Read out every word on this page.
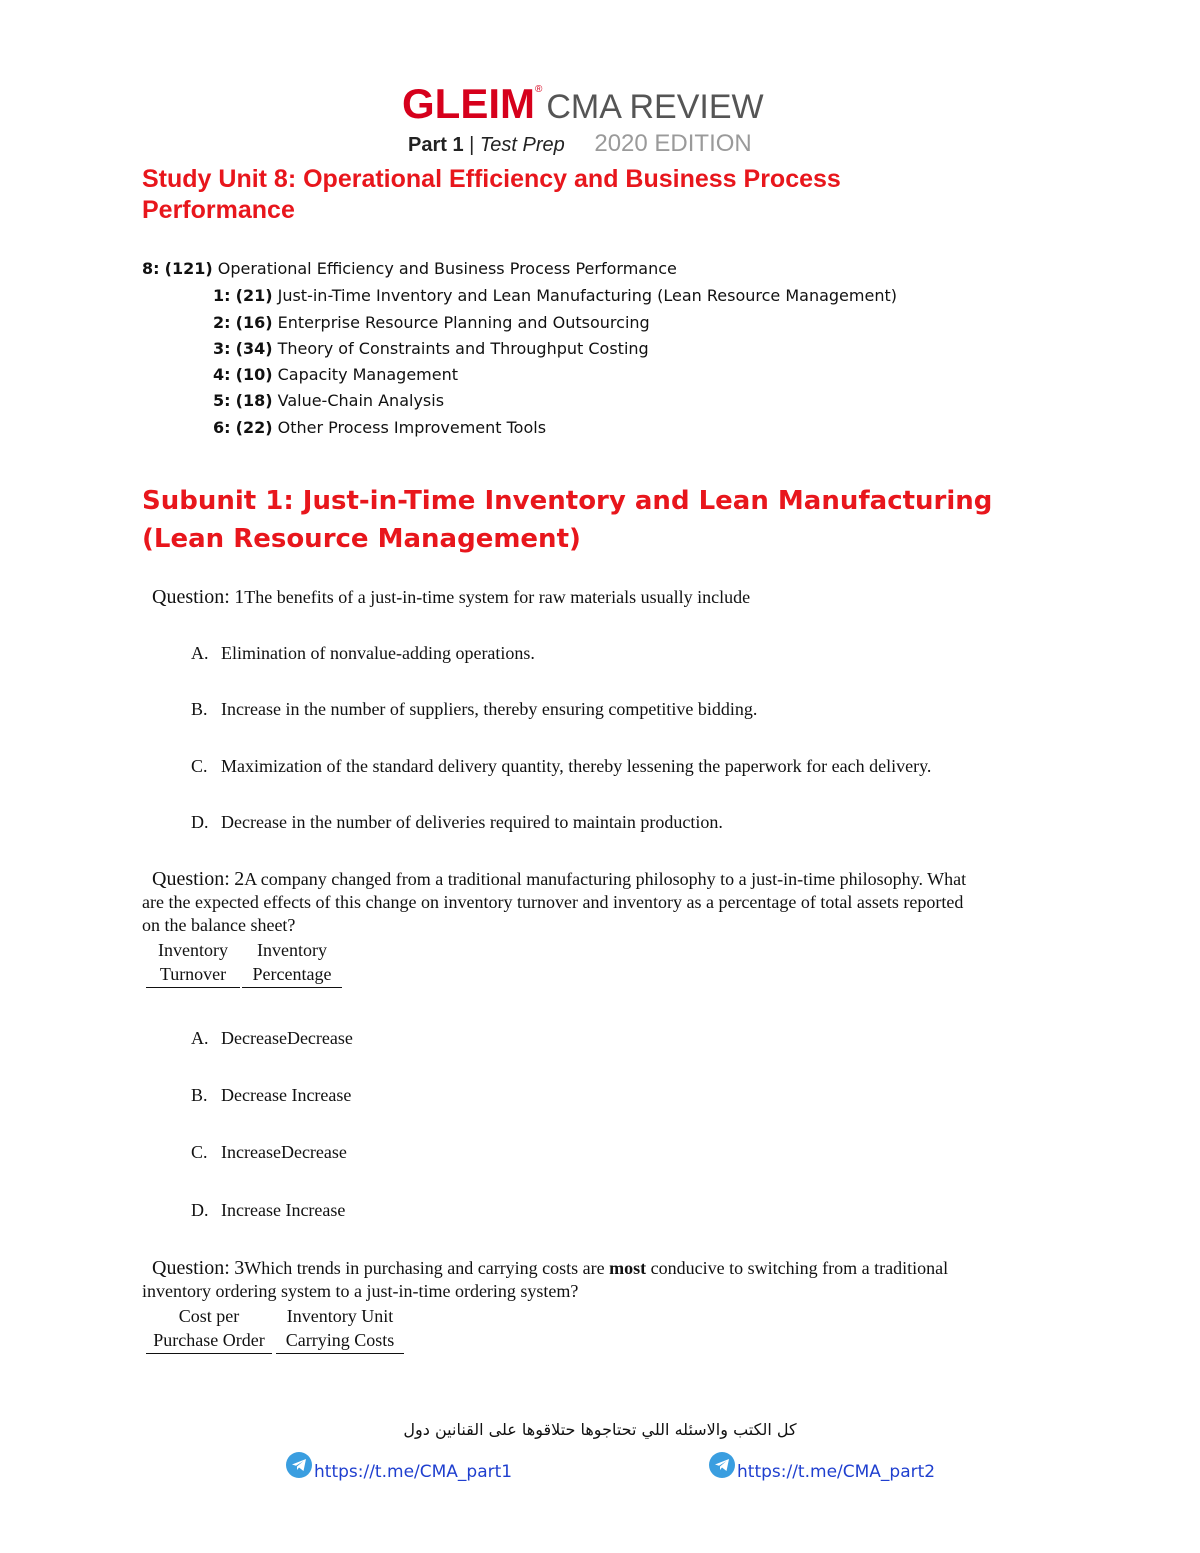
GLEIM® CMA REVIEW
Part 1 | Test Prep 2020 EDITION
Study Unit 8: Operational Efficiency and Business Process Performance
8: (121) Operational Efficiency and Business Process Performance
1: (21) Just-in-Time Inventory and Lean Manufacturing (Lean Resource Management)
2: (16) Enterprise Resource Planning and Outsourcing
3: (34) Theory of Constraints and Throughput Costing
4: (10) Capacity Management
5: (18) Value-Chain Analysis
6: (22) Other Process Improvement Tools
Subunit 1: Just-in-Time Inventory and Lean Manufacturing (Lean Resource Management)
Question: 1The benefits of a just-in-time system for raw materials usually include
A. Elimination of nonvalue-adding operations.
B. Increase in the number of suppliers, thereby ensuring competitive bidding.
C. Maximization of the standard delivery quantity, thereby lessening the paperwork for each delivery.
D. Decrease in the number of deliveries required to maintain production.
Question: 2A company changed from a traditional manufacturing philosophy to a just-in-time philosophy. What
are the expected effects of this change on inventory turnover and inventory as a percentage of total assets reported
on the balance sheet?
Inventory
Turnover
Inventory
Percentage
A. DecreaseDecrease
B. Decrease Increase
C. IncreaseDecrease
D. Increase Increase
Question: 3Which trends in purchasing and carrying costs are most conducive to switching from a traditional
inventory ordering system to a just-in-time ordering system?
Cost per
Purchase Order
Inventory Unit
Carrying Costs
كل الكتب والاسئله اللي تحتاجوها حتلاقوها على القنانين دول
https://t.me/CMA_part1	https://t.me/CMA_part2
